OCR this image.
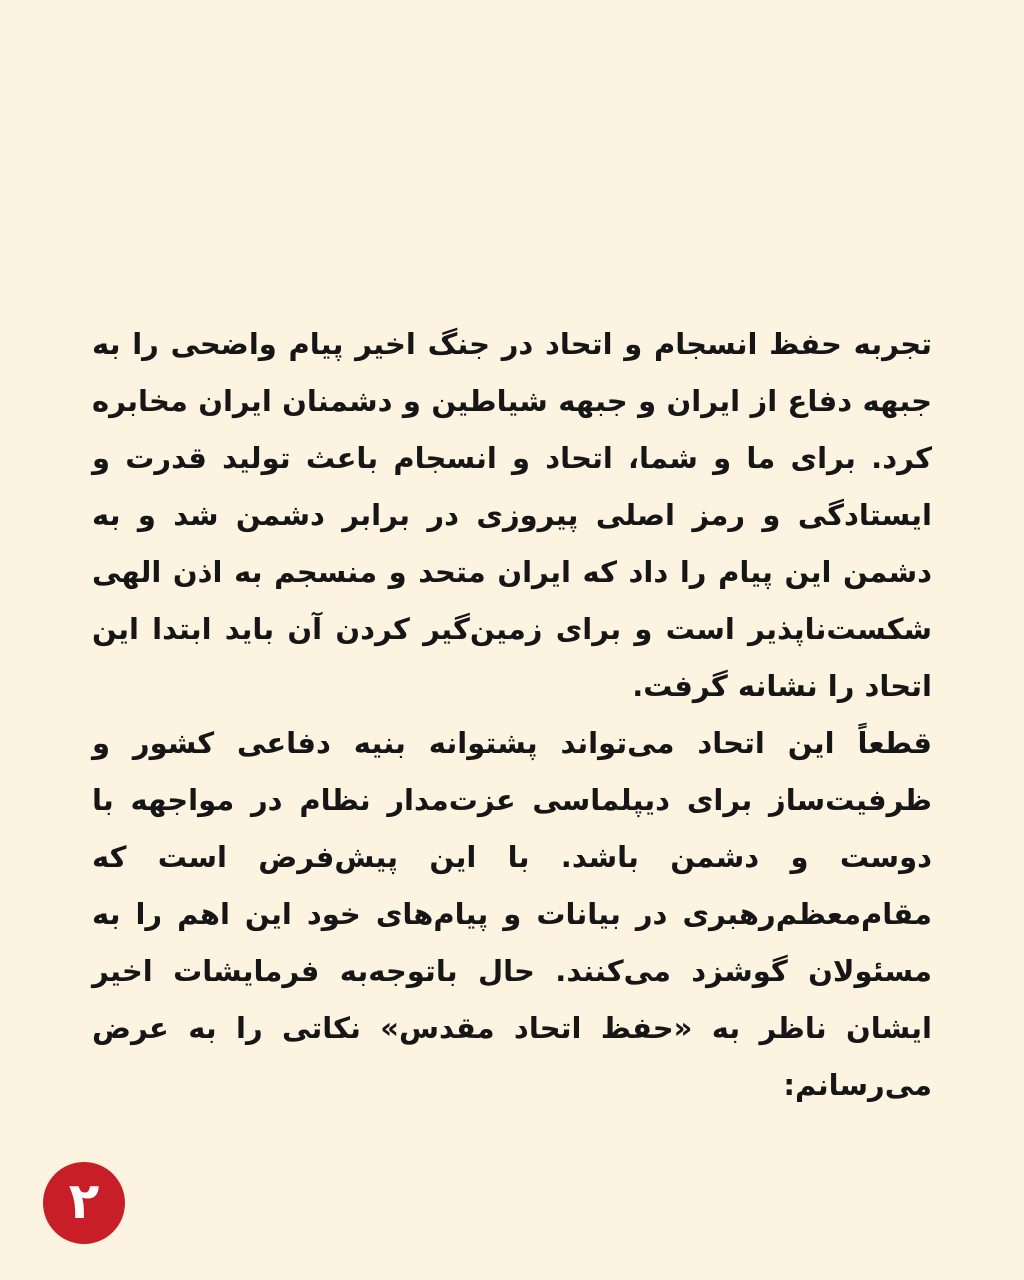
تجربه حفظ انسجام و اتحاد در جنگ اخیر پیام واضحی را به جبهه دفاع از ایران و جبهه شیاطین و دشمنان ایران مخابره کرد. برای ما و شما، اتحاد و انسجام باعث تولید قدرت و ایستادگی و رمز اصلی پیروزی در برابر دشمن شد و به دشمن این پیام را داد که ایران متحد و منسجم به اذن الهی شکست‌ناپذیر است و برای زمین‌گیر کردن آن باید ابتدا این اتحاد را نشانه گرفت.

قطعاً این اتحاد می‌تواند پشتوانه بنیه دفاعی کشور و ظرفیت‌ساز برای دیپلماسی عزت‌مدار نظام در مواجهه با دوست و دشمن باشد. با این پیش‌فرض است که مقام‌معظم‌رهبری در بیانات و پیام‌های خود این اهم را به مسئولان گوشزد می‌کنند. حال باتوجه‌به فرمایشات اخیر ایشان ناظر به «حفظ اتحاد مقدس» نکاتی را به عرض می‌رسانم:

۲
